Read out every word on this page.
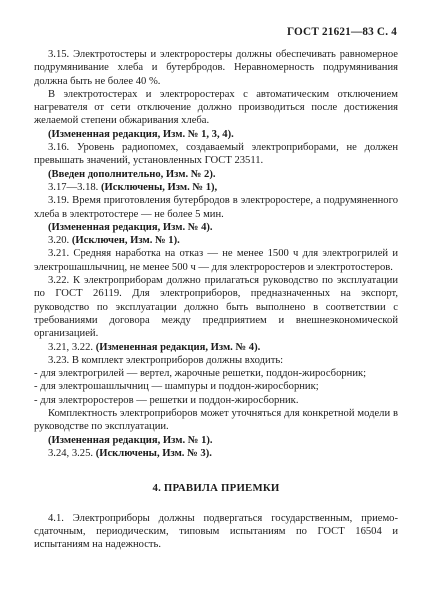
ГОСТ 21621—83 С. 4

3.15. Электротостеры и электроростеры должны обеспечивать равномерное подрумянивание хлеба и бутербродов. Неравномерность подрумянивания должна быть не более 40 %.

В электротостерах и электроростерах с автоматическим отключением нагревателя от сети отключение должно производиться после достижения желаемой степени обжаривания хлеба.

(Измененная редакция, Изм. № 1, 3, 4).

3.16. Уровень радиопомех, создаваемый электроприборами, не должен превышать значений, установленных ГОСТ 23511.

(Введен дополнительно, Изм. № 2).

3.17—3.18. (Исключены, Изм. № 1),

3.19. Время приготовления бутербродов в электроростере, а подрумяненного хлеба в электротостере — не более 5 мин.

(Измененная редакция, Изм. № 4).

3.20. (Исключен, Изм. № 1).

3.21. Средняя наработка на отказ — не менее 1500 ч для электрогрилей и электрошашлычниц, не менее 500 ч — для электроростеров и электротостеров.

3.22. К электроприборам должно прилагаться руководство по эксплуатации по ГОСТ 26119. Для электроприборов, предназначенных на экспорт, руководство по эксплуатации должно быть выполнено в соответствии с требованиями договора между предприятием и внешнеэкономической организацией.

3.21, 3.22. (Измененная редакция, Изм. № 4).

3.23. В комплект электроприборов должны входить:

- для электрогрилей — вертел, жарочные решетки, поддон-жиросборник;

- для электрошашлычниц — шампуры и поддон-жиросборник;

- для электроростеров — решетки и поддон-жиросборник.

Комплектность электроприборов может уточняться для конкретной модели в руководстве по эксплуатации.

(Измененная редакция, Изм. № 1).

3.24, 3.25. (Исключены, Изм. № 3).

4. ПРАВИЛА ПРИЕМКИ

4.1. Электроприборы должны подвергаться государственным, приемо-сдаточным, периодическим, типовым испытаниям по ГОСТ 16504 и испытаниям на надежность.
